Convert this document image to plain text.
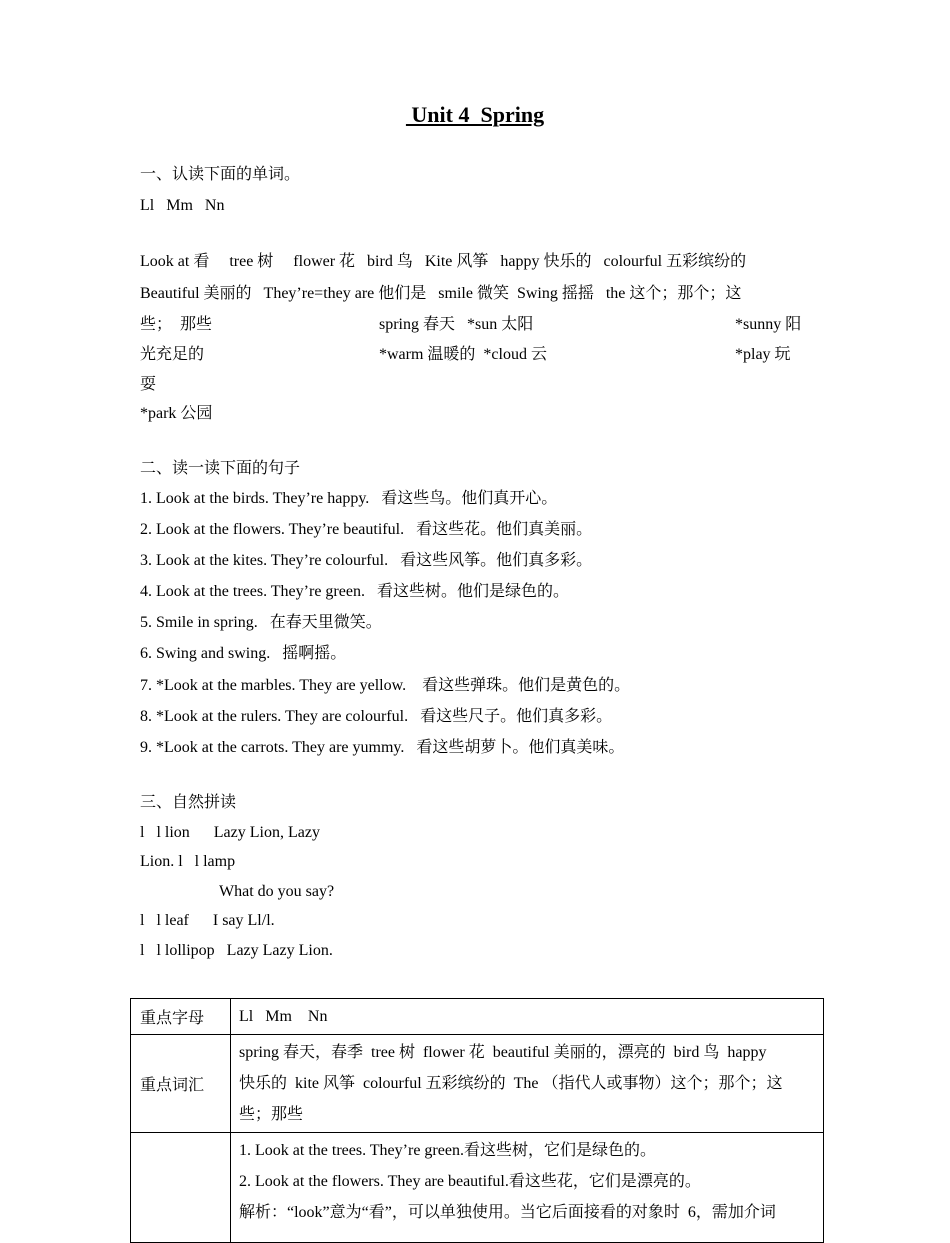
Unit 4  Spring
一、认读下面的单词。
Ll   Mm   Nn
Look at 看     tree 树     flower 花   bird 鸟   Kite 风筝   happy 快乐的   colourful 五彩缤纷的
Beautiful 美丽的   They’re=they are 他们是   smile 微笑  Swing 摇摇   the 这个；那个；这
些；  那些	spring 春天   *sun 太阳	*sunny 阳
光充足的	*warm 温暖的  *cloud 云	*play 玩
耍
*park 公园
二、读一读下面的句子
1. Look at the birds. They’re happy.   看这些鸟。他们真开心。
2. Look at the flowers. They’re beautiful.   看这些花。他们真美丽。
3. Look at the kites. They’re colourful.   看这些风筝。他们真多彩。
4. Look at the trees. They’re green.   看这些树。他们是绿色的。
5. Smile in spring.   在春天里微笑。
6. Swing and swing.   摇啊摇。
7. *Look at the marbles. They are yellow.    看这些弹珠。他们是黄色的。
8. *Look at the rulers. They are colourful.   看这些尺子。他们真多彩。
9. *Look at the carrots. They are yummy.   看这些胡萝卜。他们真美味。
三、自然拼读
l   l lion      Lazy Lion, Lazy
Lion. l   l lamp
What do you say?
l   l leaf      I say Ll/l.
l   l lollipop   Lazy Lazy Lion.
重点字母	Ll   Mm    Nn

重点词汇	spring 春天，春季  tree 树  flower 花  beautiful 美丽的，漂亮的  bird 鸟  happy
快乐的  kite 风筝  colourful 五彩缤纷的  The （指代人或事物）这个；那个；这
些；那些

	1. Look at the trees. They’re green.看这些树，它们是绿色的。
2. Look at the flowers. They are beautiful.看这些花，它们是漂亮的。
解析：“look”意为“看”，可以单独使用。当它后面接看的对象时  6，需加介词
